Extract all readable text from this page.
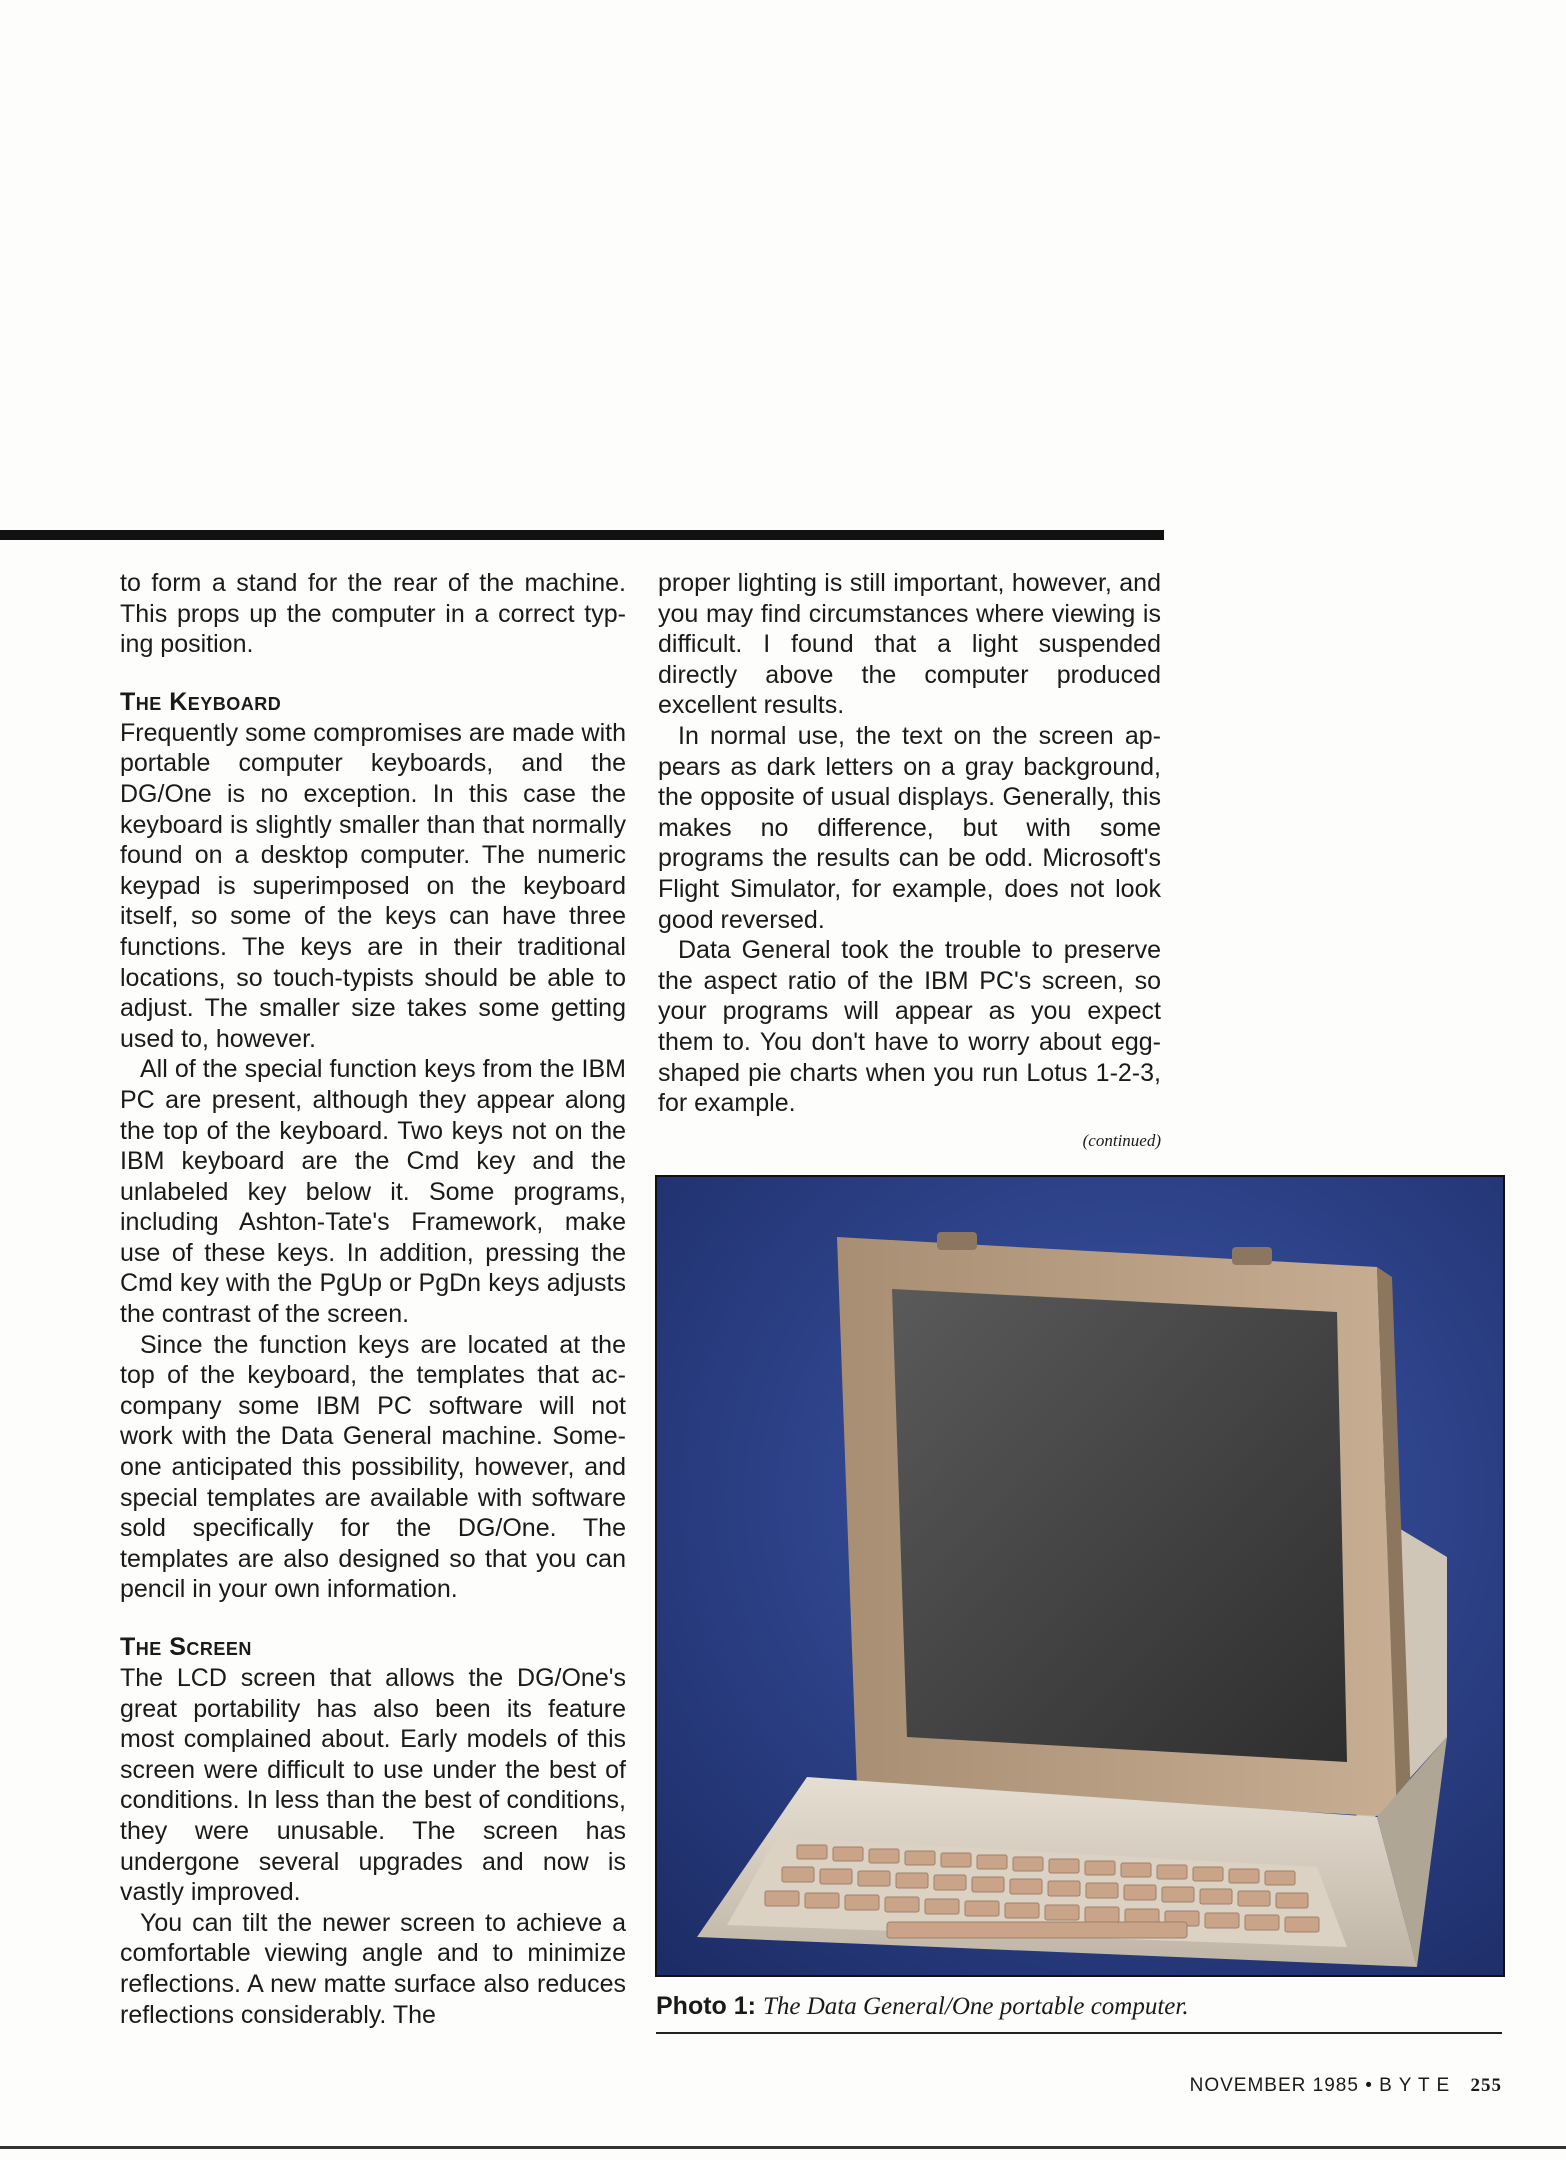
to form a stand for the rear of the machine. This props up the computer in a correct typing position.

The Keyboard

Frequently some compromises are made with portable computer keyboards, and the DG/One is no exception. In this case the keyboard is slightly smaller than that normally found on a desktop computer. The numeric keypad is superimposed on the keyboard itself, so some of the keys can have three functions. The keys are in their traditional locations, so touch-typists should be able to adjust. The smaller size takes some getting used to, however.

All of the special function keys from the IBM PC are present, although they appear along the top of the keyboard. Two keys not on the IBM keyboard are the Cmd key and the unlabeled key below it. Some programs, including Ashton-Tate's Framework, make use of these keys. In addition, pressing the Cmd key with the PgUp or PgDn keys adjusts the contrast of the screen.

Since the function keys are located at the top of the keyboard, the templates that accompany some IBM PC software will not work with the Data General machine. Someone anticipated this possibility, however, and special templates are available with software sold specifically for the DG/One. The templates are also designed so that you can pencil in your own information.

The Screen

The LCD screen that allows the DG/One's great portability has also been its feature most complained about. Early models of this screen were difficult to use under the best of conditions. In less than the best of conditions, they were unusable. The screen has undergone several upgrades and now is vastly improved.

You can tilt the newer screen to achieve a comfortable viewing angle and to minimize reflections. A new matte surface also reduces reflections considerably. The

proper lighting is still important, however, and you may find circumstances where viewing is difficult. I found that a light suspended directly above the computer produced excellent results.

In normal use, the text on the screen appears as dark letters on a gray background, the opposite of usual displays. Generally, this makes no difference, but with some programs the results can be odd. Microsoft's Flight Simulator, for example, does not look good reversed.

Data General took the trouble to preserve the aspect ratio of the IBM PC's screen, so your programs will appear as you expect them to. You don't have to worry about egg-shaped pie charts when you run Lotus 1-2-3, for example.

(continued)
Photo 1: The Data General/One portable computer.
NOVEMBER 1985 • B Y T E 255
